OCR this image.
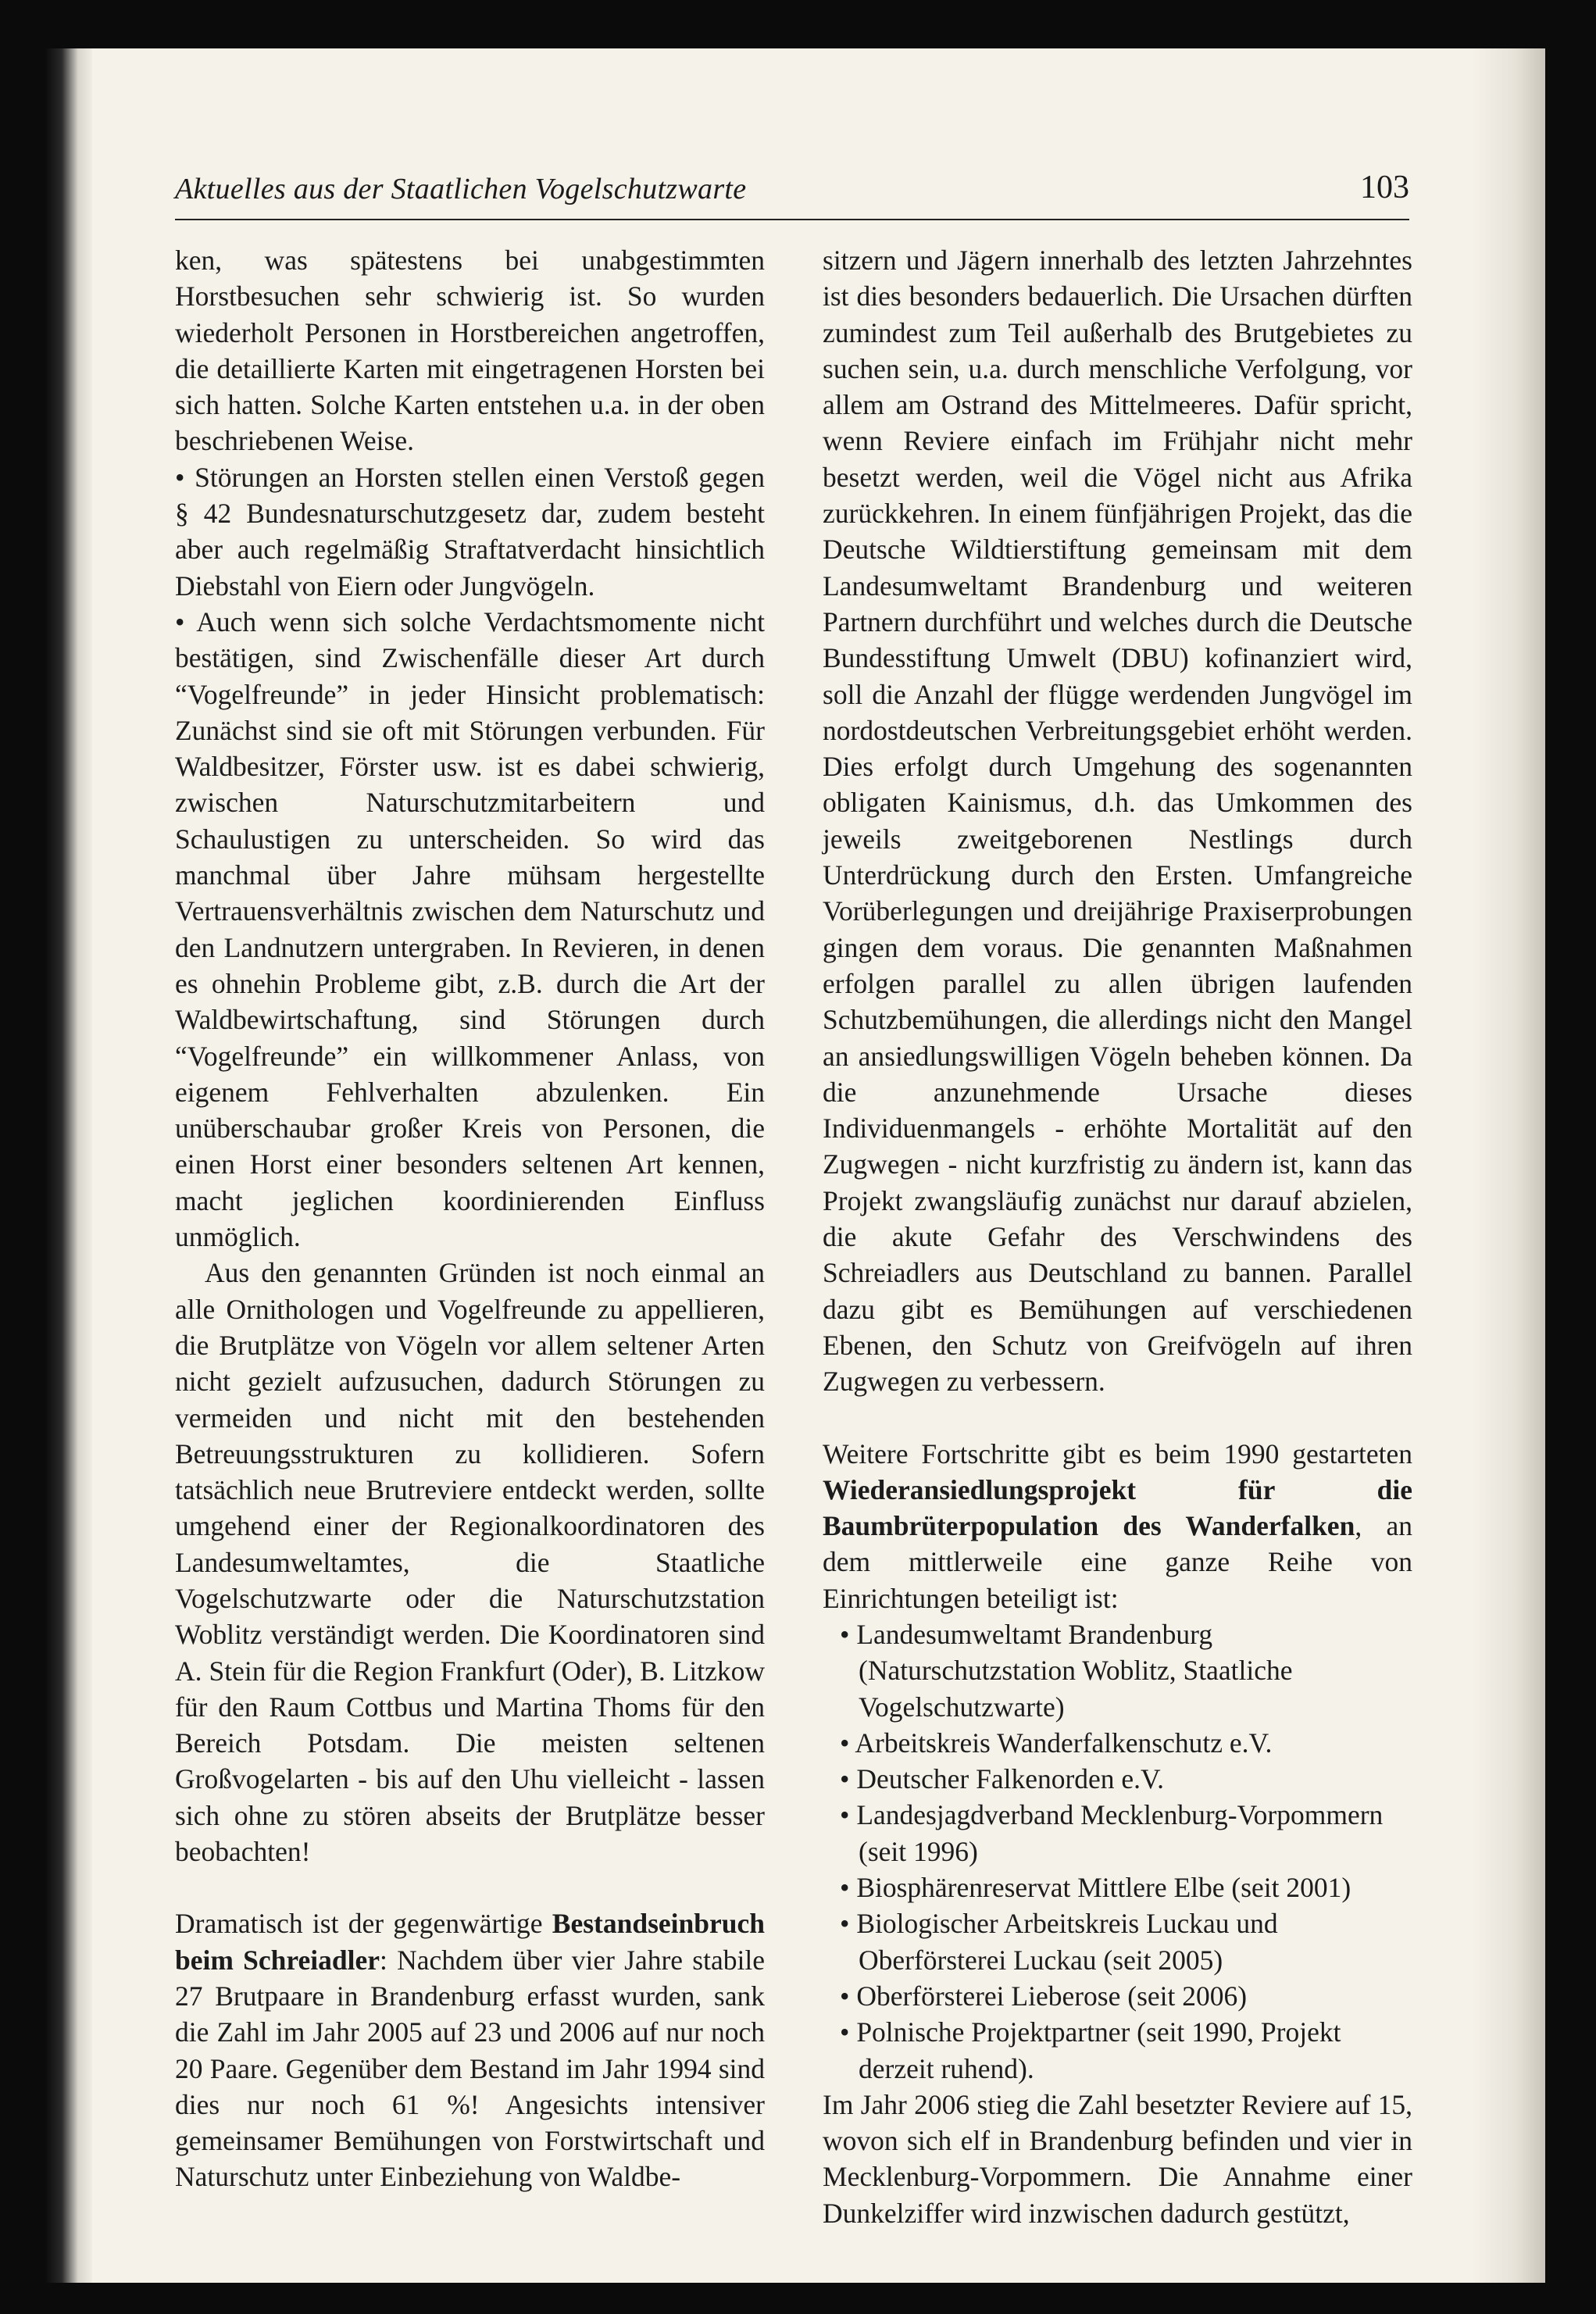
Aktuelles aus der Staatlichen Vogelschutzwarte	103

ken, was spätestens bei unabgestimmten Horstbesuchen sehr schwierig ist. So wurden wiederholt Personen in Horstbereichen angetroffen, die detaillierte Karten mit eingetragenen Horsten bei sich hatten. Solche Karten entstehen u.a. in der oben beschriebenen Weise.

• Störungen an Horsten stellen einen Verstoß gegen § 42 Bundesnaturschutzgesetz dar, zudem besteht aber auch regelmäßig Straftatverdacht hinsichtlich Diebstahl von Eiern oder Jungvögeln.

• Auch wenn sich solche Verdachtsmomente nicht bestätigen, sind Zwischenfälle dieser Art durch “Vogelfreunde” in jeder Hinsicht problematisch: Zunächst sind sie oft mit Störungen verbunden. Für Waldbesitzer, Förster usw. ist es dabei schwierig, zwischen Naturschutzmitarbeitern und Schaulustigen zu unterscheiden. So wird das manchmal über Jahre mühsam hergestellte Vertrauensverhältnis zwischen dem Naturschutz und den Landnutzern untergraben. In Revieren, in denen es ohnehin Probleme gibt, z.B. durch die Art der Waldbewirtschaftung, sind Störungen durch “Vogelfreunde” ein willkommener Anlass, von eigenem Fehlverhalten abzulenken. Ein unüberschaubar großer Kreis von Personen, die einen Horst einer besonders seltenen Art kennen, macht jeglichen koordinierenden Einfluss unmöglich.

Aus den genannten Gründen ist noch einmal an alle Ornithologen und Vogelfreunde zu appellieren, die Brutplätze von Vögeln vor allem seltener Arten nicht gezielt aufzusuchen, dadurch Störungen zu vermeiden und nicht mit den bestehenden Betreuungsstrukturen zu kollidieren. Sofern tatsächlich neue Brutreviere entdeckt werden, sollte umgehend einer der Regionalkoordinatoren des Landesumweltamtes, die Staatliche Vogelschutzwarte oder die Naturschutzstation Woblitz verständigt werden. Die Koordinatoren sind A. Stein für die Region Frankfurt (Oder), B. Litzkow für den Raum Cottbus und Martina Thoms für den Bereich Potsdam. Die meisten seltenen Großvogelarten - bis auf den Uhu vielleicht - lassen sich ohne zu stören abseits der Brutplätze besser beobachten!

Dramatisch ist der gegenwärtige Bestandseinbruch beim Schreiadler: Nachdem über vier Jahre stabile 27 Brutpaare in Brandenburg erfasst wurden, sank die Zahl im Jahr 2005 auf 23 und 2006 auf nur noch 20 Paare. Gegenüber dem Bestand im Jahr 1994 sind dies nur noch 61 %! Angesichts intensiver gemeinsamer Bemühungen von Forstwirtschaft und Naturschutz unter Einbeziehung von Waldbe-

sitzern und Jägern innerhalb des letzten Jahrzehntes ist dies besonders bedauerlich. Die Ursachen dürften zumindest zum Teil außerhalb des Brutgebietes zu suchen sein, u.a. durch menschliche Verfolgung, vor allem am Ostrand des Mittelmeeres. Dafür spricht, wenn Reviere einfach im Frühjahr nicht mehr besetzt werden, weil die Vögel nicht aus Afrika zurückkehren. In einem fünfjährigen Projekt, das die Deutsche Wildtierstiftung gemeinsam mit dem Landesumweltamt Brandenburg und weiteren Partnern durchführt und welches durch die Deutsche Bundesstiftung Umwelt (DBU) kofinanziert wird, soll die Anzahl der flügge werdenden Jungvögel im nordostdeutschen Verbreitungsgebiet erhöht werden. Dies erfolgt durch Umgehung des sogenannten obligaten Kainismus, d.h. das Umkommen des jeweils zweitgeborenen Nestlings durch Unterdrückung durch den Ersten. Umfangreiche Vorüberlegungen und dreijährige Praxiserprobungen gingen dem voraus. Die genannten Maßnahmen erfolgen parallel zu allen übrigen laufenden Schutzbemühungen, die allerdings nicht den Mangel an ansiedlungswilligen Vögeln beheben können. Da die anzunehmende Ursache dieses Individuenmangels - erhöhte Mortalität auf den Zugwegen - nicht kurzfristig zu ändern ist, kann das Projekt zwangsläufig zunächst nur darauf abzielen, die akute Gefahr des Verschwindens des Schreiadlers aus Deutschland zu bannen. Parallel dazu gibt es Bemühungen auf verschiedenen Ebenen, den Schutz von Greifvögeln auf ihren Zugwegen zu verbessern.

Weitere Fortschritte gibt es beim 1990 gestarteten Wiederansiedlungsprojekt für die Baumbrüterpopulation des Wanderfalken, an dem mittlerweile eine ganze Reihe von Einrichtungen beteiligt ist:

• Landesumweltamt Brandenburg (Naturschutzstation Woblitz, Staatliche Vogelschutzwarte)
• Arbeitskreis Wanderfalkenschutz e.V.
• Deutscher Falkenorden e.V.
• Landesjagdverband Mecklenburg-Vorpommern (seit 1996)
• Biosphärenreservat Mittlere Elbe (seit 2001)
• Biologischer Arbeitskreis Luckau und Oberförsterei Luckau (seit 2005)
• Oberförsterei Lieberose (seit 2006)
• Polnische Projektpartner (seit 1990, Projekt derzeit ruhend).

Im Jahr 2006 stieg die Zahl besetzter Reviere auf 15, wovon sich elf in Brandenburg befinden und vier in Mecklenburg-Vorpommern. Die Annahme einer Dunkelziffer wird inzwischen dadurch gestützt,
